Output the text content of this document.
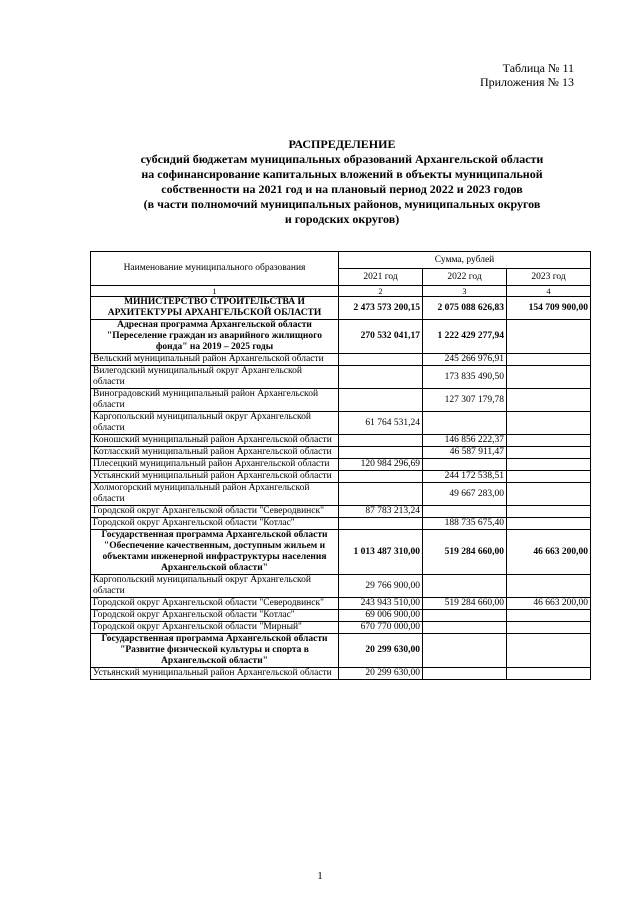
Таблица № 11
Приложения № 13
РАСПРЕДЕЛЕНИЕ
субсидий бюджетам муниципальных образований Архангельской области
на софинансирование капитальных вложений в объекты муниципальной
собственности на 2021 год и на плановый период 2022 и 2023 годов
(в части полномочий муниципальных районов, муниципальных округов
и городских округов)
Наименование муниципального образования	Сумма, рублей		
	2021 год	2022 год	2023 год
1	2	3	4
МИНИСТЕРСТВО СТРОИТЕЛЬСТВА И АРХИТЕКТУРЫ АРХАНГЕЛЬСКОЙ ОБЛАСТИ	2 473 573 200,15	2 075 088 626,83	154 709 900,00
Адресная программа Архангельской области "Переселение граждан из аварийного жилищного фонда" на 2019 – 2025 годы	270 532 041,17	1 222 429 277,94	
Вельский муниципальный район Архангельской области		245 266 976,91	
Вилегодский муниципальный округ Архангельской области		173 835 490,50	
Виноградовский муниципальный район Архангельской области		127 307 179,78	
Каргопольский муниципальный округ Архангельской области	61 764 531,24		
Коношский муниципальный район Архангельской области		146 856 222,37	
Котласский муниципальный район Архангельской области		46 587 911,47	
Плесецкий муниципальный район Архангельской области	120 984 296,69		
Устьянский муниципальный район Архангельской области		244 172 538,51	
Холмогорский муниципальный район Архангельской области		49 667 283,00	
Городской округ Архангельской области "Северодвинск"	87 783 213,24		
Городской округ Архангельской области "Котлас"		188 735 675,40	
Государственная программа Архангельской области "Обеспечение качественным, доступным жильем и объектами инженерной инфраструктуры населения Архангельской области"	1 013 487 310,00	519 284 660,00	46 663 200,00
Каргопольский муниципальный округ Архангельской области	29 766 900,00		
Городской округ Архангельской области "Северодвинск"	243 943 510,00	519 284 660,00	46 663 200,00
Городской округ Архангельской области "Котлас"	69 006 900,00		
Городской округ Архангельской области "Мирный"	670 770 000,00		
Государственная программа Архангельской области "Развитие физической культуры и спорта в Архангельской области"	20 299 630,00		
Устьянский муниципальный район Архангельской области	20 299 630,00		
1
